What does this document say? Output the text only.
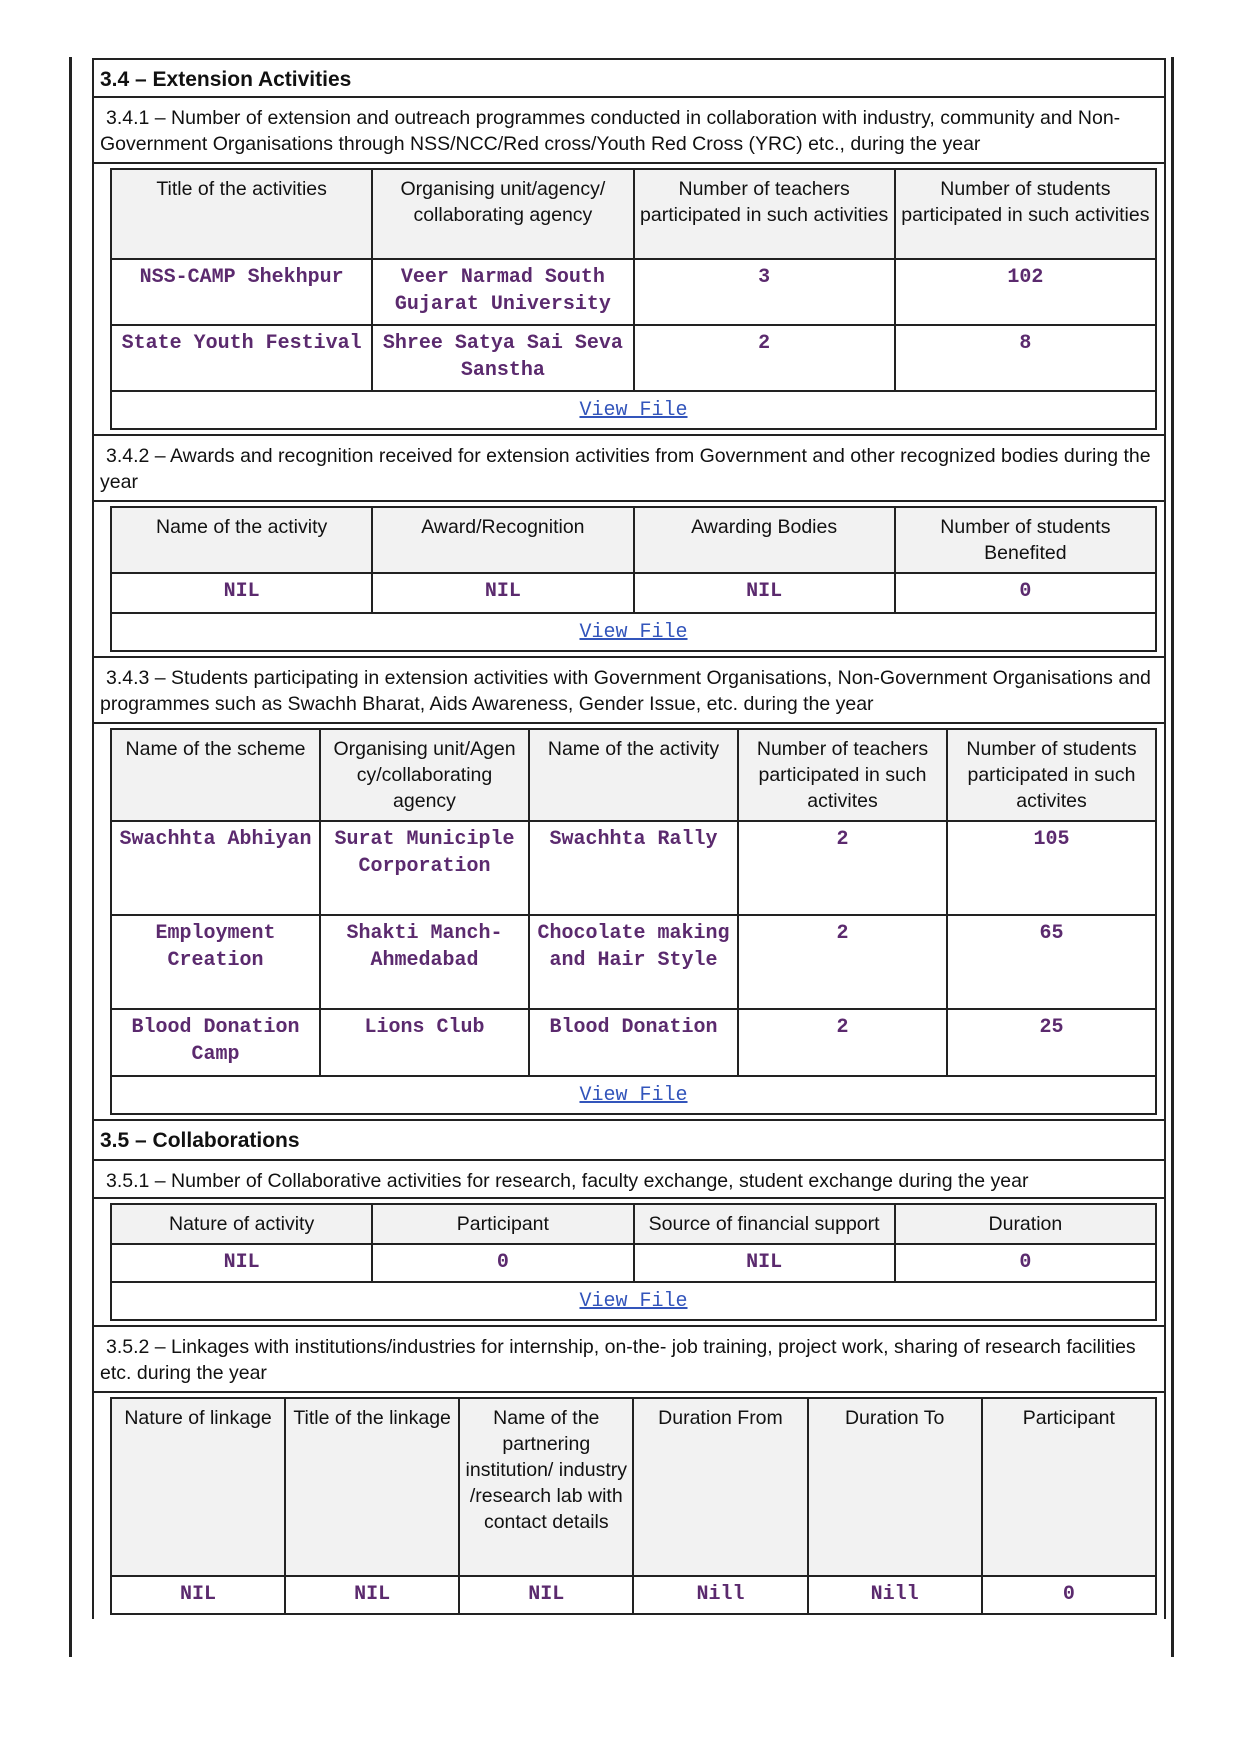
3.4 – Extension Activities
3.4.1 – Number of extension and outreach programmes conducted in collaboration with industry, community and Non- Government Organisations through NSS/NCC/Red cross/Youth Red Cross (YRC) etc., during the year
Title of the activities	Organising unit/agency/ collaborating agency	Number of teachers participated in such activities	Number of students participated in such activities
NSS-CAMP Shekhpur	Veer Narmad South Gujarat University	3	102
State Youth Festival	Shree Satya Sai Seva Sanstha	2	8
View File			
3.4.2 – Awards and recognition received for extension activities from Government and other recognized bodies during the year
Name of the activity	Award/Recognition	Awarding Bodies	Number of students Benefited
NIL	NIL	NIL	0
View File			
3.4.3 – Students participating in extension activities with Government Organisations, Non-Government Organisations and programmes such as Swachh Bharat, Aids Awareness, Gender Issue, etc. during the year
Name of the scheme	Organising unit/Agen cy/collaborating agency	Name of the activity	Number of teachers participated in such activites	Number of students participated in such activites
Swachhta Abhiyan	Surat Municiple Corporation	Swachhta Rally	2	105
Employment Creation	Shakti Manch- Ahmedabad	Chocolate making and Hair Style	2	65
Blood Donation Camp	Lions Club	Blood Donation	2	25
View File				
3.5 – Collaborations
3.5.1 – Number of Collaborative activities for research, faculty exchange, student exchange during the year
Nature of activity	Participant	Source of financial support	Duration
NIL	0	NIL	0
View File			
3.5.2 – Linkages with institutions/industries for internship, on-the- job training, project work, sharing of research facilities etc. during the year
Nature of linkage	Title of the linkage	Name of the partnering institution/ industry /research lab with contact details	Duration From	Duration To	Participant
NIL	NIL	NIL	Nill	Nill	0
